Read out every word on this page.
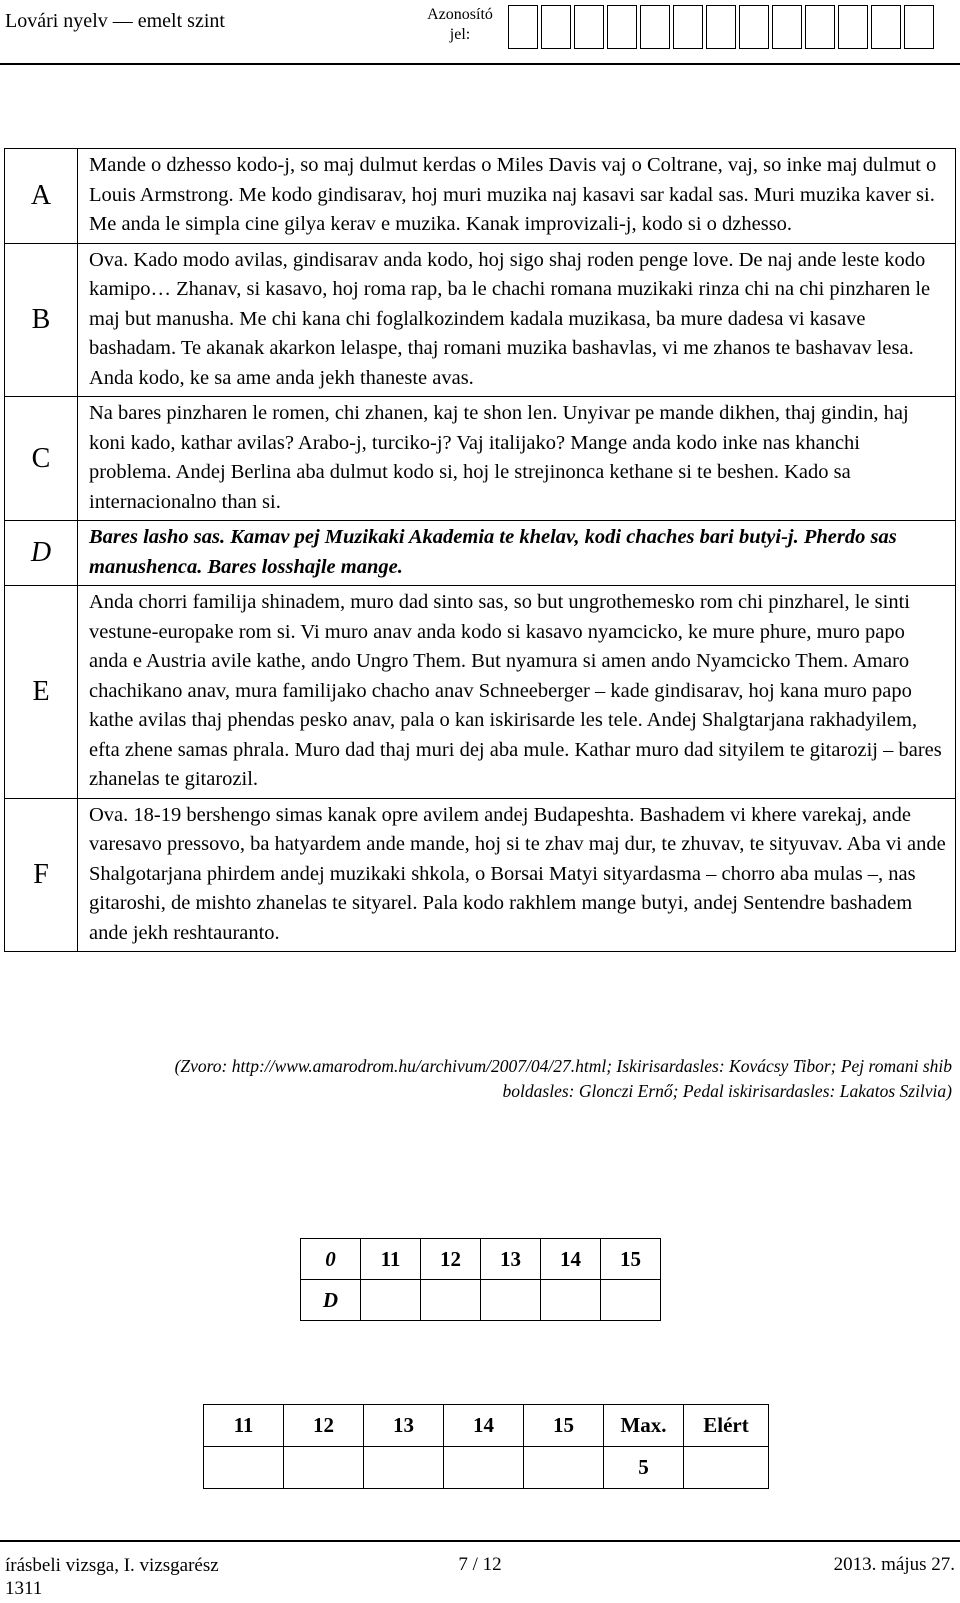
Lovári nyelv — emelt szint	Azonosító jel:
A	Mande o dzhesso kodo-j, so maj dulmut kerdas o Miles Davis vaj o Coltrane, vaj, so inke maj dulmut o Louis Armstrong. Me kodo gindisarav, hoj muri muzika naj kasavi sar kadal sas. Muri muzika kaver si. Me anda le simpla cine gilya kerav e muzika. Kanak improvizali-j, kodo si o dzhesso.
B	Ova. Kado modo avilas, gindisarav anda kodo, hoj sigo shaj roden penge love. De naj ande leste kodo kamipo… Zhanav, si kasavo, hoj roma rap, ba le chachi romana muzikaki rinza chi na chi pinzharen le maj but manusha. Me chi kana chi foglalkozindem kadala muzikasa, ba mure dadesa vi kasave bashadam. Te akanak akarkon lelaspe, thaj romani muzika bashavlas, vi me zhanos te bashavav lesa. Anda kodo, ke sa ame anda jekh thaneste avas.
C	Na bares pinzharen le romen, chi zhanen, kaj te shon len. Unyivar pe mande dikhen, thaj gindin, haj koni kado, kathar avilas? Arabo-j, turciko-j? Vaj italijako? Mange anda kodo inke nas khanchi problema. Andej Berlina aba dulmut kodo si, hoj le strejinonca kethane si te beshen. Kado sa internacionalno than si.
D	Bares lasho sas. Kamav pej Muzikaki Akademia te khelav, kodi chaches bari butyi-j. Pherdo sas manushenca. Bares losshajle mange.
E	Anda chorri familija shinadem, muro dad sinto sas, so but ungrothemesko rom chi pinzharel, le sinti vestune-europake rom si. Vi muro anav anda kodo si kasavo nyamcicko, ke mure phure, muro papo anda e Austria avile kathe, ando Ungro Them. But nyamura si amen ando Nyamcicko Them. Amaro chachikano anav, mura familijako chacho anav Schneeberger – kade gindisarav, hoj kana muro papo kathe avilas thaj phendas pesko anav, pala o kan iskirisarde les tele. Andej Shalgtarjana rakhadyilem, efta zhene samas phrala. Muro dad thaj muri dej aba mule. Kathar muro dad sityilem te gitarozij – bares zhanelas te gitarozil.
F	Ova. 18-19 bershengo simas kanak opre avilem andej Budapeshta. Bashadem vi khere varekaj, ande varesavo pressovo, ba hatyardem ande mande, hoj si te zhav maj dur, te zhuvav, te sityuvav. Aba vi ande Shalgotarjana phirdem andej muzikaki shkola, o Borsai Matyi sityardasma – chorro aba mulas –, nas gitaroshi, de mishto zhanelas te sityarel. Pala kodo rakhlem mange butyi, andej Sentendre bashadem ande jekh reshtauranto.
(Zvoro: http://www.amarodrom.hu/archivum/2007/04/27.html; Iskirisardasles: Kovácsy Tibor; Pej romani shib
boldasles: Glonczi Ernő; Pedal iskirisardasles: Lakatos Szilvia)
0	11	12	13	14	15
D					
11	12	13	14	15	Max.	Elért
					5	
írásbeli vizsga, I. vizsgarész
1311
7 / 12	2013. május 27.
